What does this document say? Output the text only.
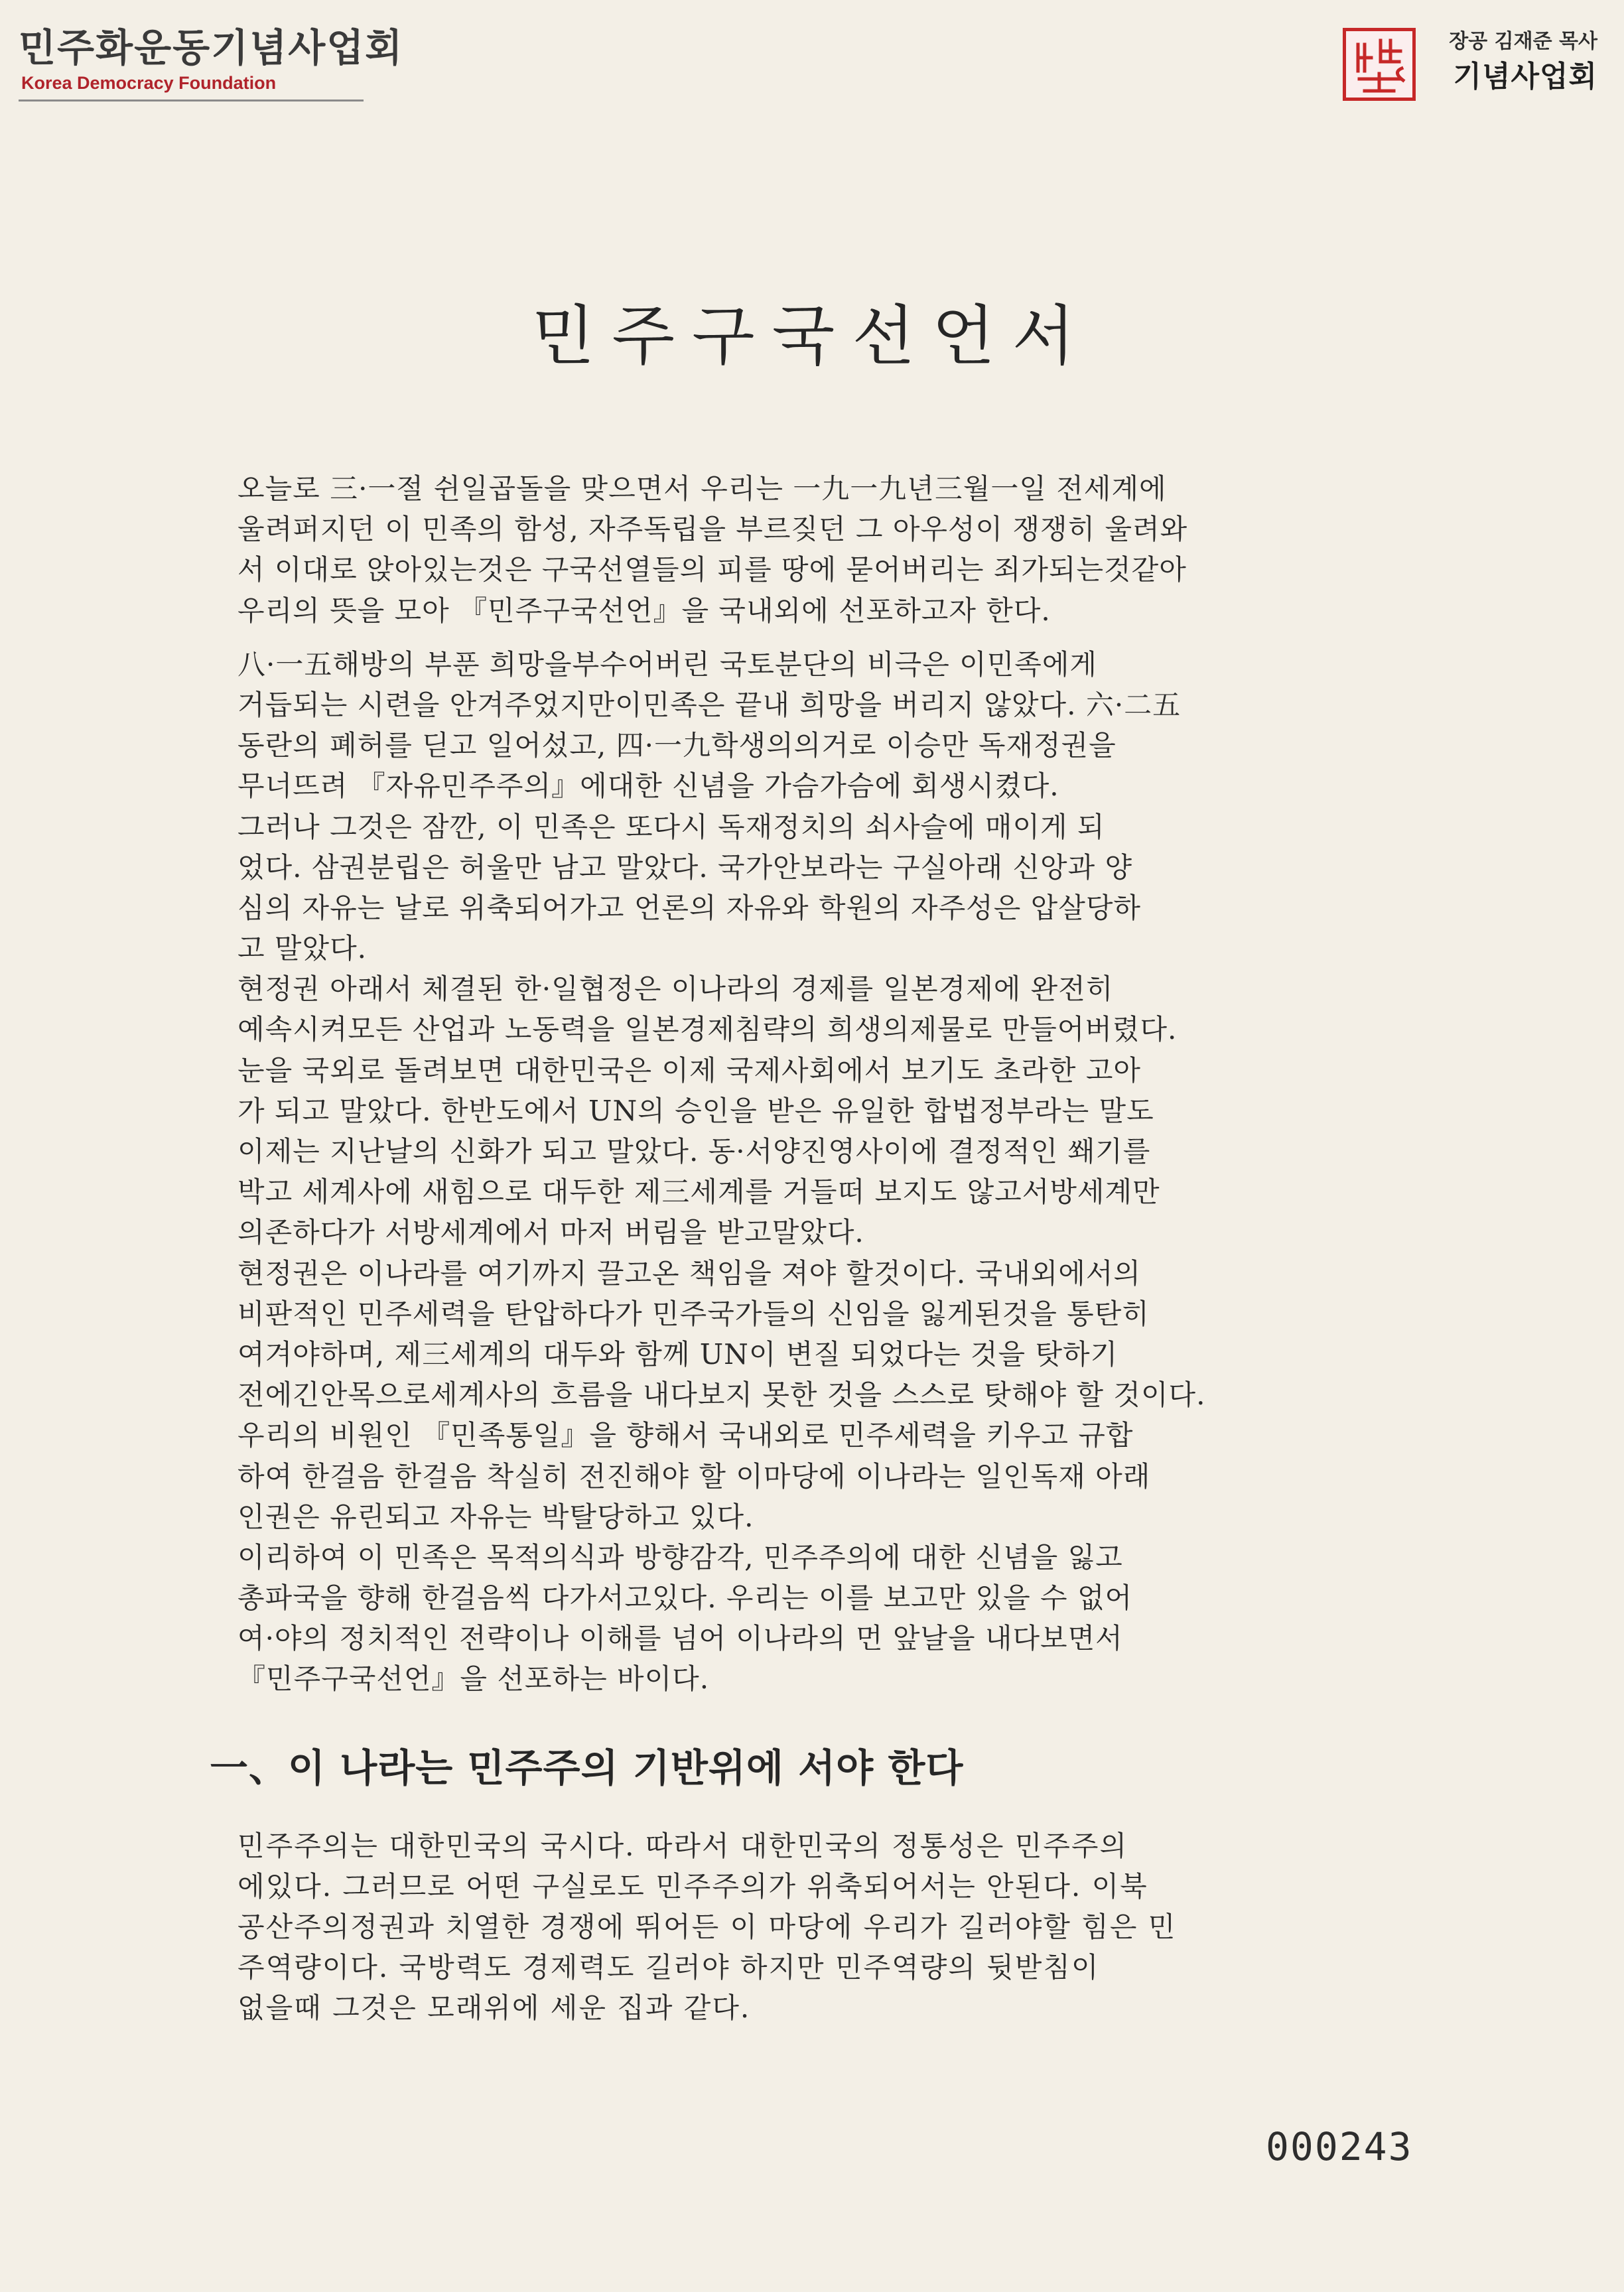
민주화운동기념사업회
Korea Democracy Foundation
장공 김재준 목사
기념사업회
민주구국선언서
오늘로 三·一절 쉰일곱돌을 맞으면서 우리는 一九一九년三월一일 전세계에
울려퍼지던 이 민족의 함성, 자주독립을 부르짖던 그 아우성이 쟁쟁히 울려와
서 이대로 앉아있는것은 구국선열들의 피를 땅에 묻어버리는 죄가되는것같아
우리의 뜻을 모아 『민주구국선언』을 국내외에 선포하고자 한다.
八·一五해방의 부푼 희망을부수어버린 국토분단의 비극은 이민족에게
거듭되는 시련을 안겨주었지만이민족은 끝내 희망을 버리지 않았다. 六·二五
동란의 폐허를 딛고 일어섰고, 四·一九학생의의거로 이승만 독재정권을
무너뜨려 『자유민주주의』에대한 신념을 가슴가슴에 회생시켰다.
그러나 그것은 잠깐, 이 민족은 또다시 독재정치의 쇠사슬에 매이게 되
었다. 삼권분립은 허울만 남고 말았다. 국가안보라는 구실아래 신앙과 양
심의 자유는 날로 위축되어가고 언론의 자유와 학원의 자주성은 압살당하
고 말았다.
현정권 아래서 체결된 한·일협정은 이나라의 경제를 일본경제에 완전히
예속시켜모든 산업과 노동력을 일본경제침략의 희생의제물로 만들어버렸다.
눈을 국외로 돌려보면 대한민국은 이제 국제사회에서 보기도 초라한 고아
가 되고 말았다. 한반도에서 UN의 승인을 받은 유일한 합법정부라는 말도
이제는 지난날의 신화가 되고 말았다. 동·서양진영사이에 결정적인 쐐기를
박고 세계사에 새힘으로 대두한 제三세계를 거들떠 보지도 않고서방세계만
의존하다가 서방세계에서 마저 버림을 받고말았다.
현정권은 이나라를 여기까지 끌고온 책임을 져야 할것이다. 국내외에서의
비판적인 민주세력을 탄압하다가 민주국가들의 신임을 잃게된것을 통탄히
여겨야하며, 제三세계의 대두와 함께 UN이 변질 되었다는 것을 탓하기
전에긴안목으로세계사의 흐름을 내다보지 못한 것을 스스로 탓해야 할 것이다.
우리의 비원인 『민족통일』을 향해서 국내외로 민주세력을 키우고 규합
하여 한걸음 한걸음 착실히 전진해야 할 이마당에 이나라는 일인독재 아래
인권은 유린되고 자유는 박탈당하고 있다.
이리하여 이 민족은 목적의식과 방향감각, 민주주의에 대한 신념을 잃고
총파국을 향해 한걸음씩 다가서고있다. 우리는 이를 보고만 있을 수 없어
여·야의 정치적인 전략이나 이해를 넘어 이나라의 먼 앞날을 내다보면서
『민주구국선언』을 선포하는 바이다.
一、이 나라는 민주주의 기반위에 서야 한다
민주주의는 대한민국의 국시다. 따라서 대한민국의 정통성은 민주주의
에있다. 그러므로 어떤 구실로도 민주주의가 위축되어서는 안된다. 이북
공산주의정권과 치열한 경쟁에 뛰어든 이 마당에 우리가 길러야할 힘은 민
주역량이다. 국방력도 경제력도 길러야 하지만 민주역량의 뒷받침이
없을때 그것은 모래위에 세운 집과 같다.
000243
